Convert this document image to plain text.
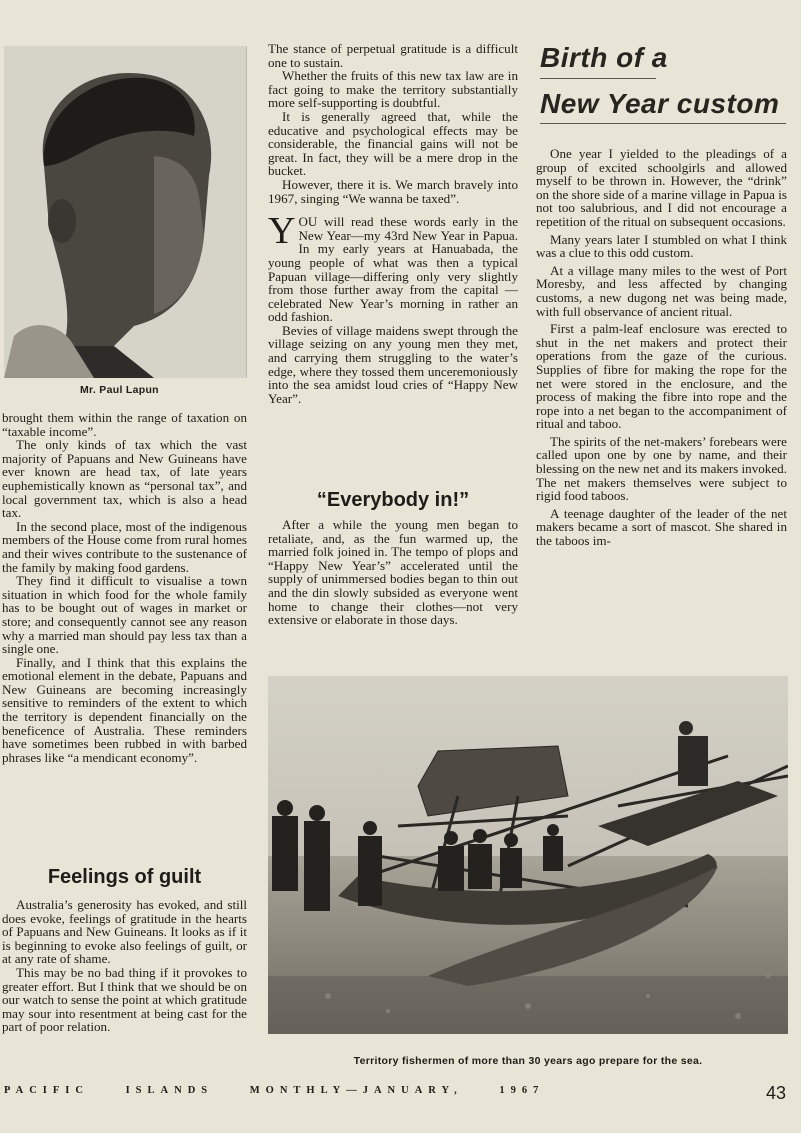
Mr. Paul Lapun

brought them within the range of taxation on “taxable income”.

The only kinds of tax which the vast majority of Papuans and New Guineans have ever known are head tax, of late years euphemistically known as “personal tax”, and local government tax, which is also a head tax.

In the second place, most of the indigenous members of the House come from rural homes and their wives contribute to the sustenance of the family by making food gardens.

They find it difficult to visualise a town situation in which food for the whole family has to be bought out of wages in market or store; and consequently cannot see any reason why a married man should pay less tax than a single one.

Finally, and I think that this explains the emotional element in the debate, Papuans and New Guineans are becoming increasingly sensitive to reminders of the extent to which the territory is dependent financially on the beneficence of Australia. These reminders have sometimes been rubbed in with barbed phrases like “a mendicant economy”.

Feelings of guilt

Australia’s generosity has evoked, and still does evoke, feelings of gratitude in the hearts of Papuans and New Guineans. It looks as if it is beginning to evoke also feelings of guilt, or at any rate of shame.

This may be no bad thing if it provokes to greater effort. But I think that we should be on our watch to sense the point at which gratitude may sour into resentment at being cast for the part of poor relation.

The stance of perpetual gratitude is a difficult one to sustain.

Whether the fruits of this new tax law are in fact going to make the territory substantially more self-supporting is doubtful.

It is generally agreed that, while the educative and psychological effects may be considerable, the financial gains will not be great. In fact, they will be a mere drop in the bucket.

However, there it is. We march bravely into 1967, singing “We wanna be taxed”.

YOU will read these words early in the New Year—my 43rd New Year in Papua. In my early years at Hanuabada, the young people of what was then a typical Papuan village—differing only very slightly from those further away from the capital — celebrated New Year’s morning in rather an odd fashion.

Bevies of village maidens swept through the village seizing on any young men they met, and carrying them struggling to the water’s edge, where they tossed them unceremoniously into the sea amidst loud cries of “Happy New Year”.

“Everybody in!”

After a while the young men began to retaliate, and, as the fun warmed up, the married folk joined in. The tempo of plops and “Happy New Year’s” accelerated until the supply of unimmersed bodies began to thin out and the din slowly subsided as everyone went home to change their clothes—not very extensive or elaborate in those days.

Birth of a
New Year custom

One year I yielded to the pleadings of a group of excited schoolgirls and allowed myself to be thrown in. However, the “drink” on the shore side of a marine village in Papua is not too salubrious, and I did not encourage a repetition of the ritual on subsequent occasions.

Many years later I stumbled on what I think was a clue to this odd custom.

At a village many miles to the west of Port Moresby, and less affected by changing customs, a new dugong net was being made, with full observance of ancient ritual.

First a palm-leaf enclosure was erected to shut in the net makers and protect their operations from the gaze of the curious. Supplies of fibre for making the rope for the net were stored in the enclosure, and the process of making the fibre into rope and the rope into a net began to the accompaniment of ritual and taboo.

The spirits of the net-makers’ forebears were called upon one by one by name, and their blessing on the new net and its makers invoked. The net makers themselves were subject to rigid food taboos.

A teenage daughter of the leader of the net makers became a sort of mascot. She shared in the taboos im-

Territory fishermen of more than 30 years ago prepare for the sea.
PACIFIC ISLANDS MONTHLY—JANUARY, 1967	43
